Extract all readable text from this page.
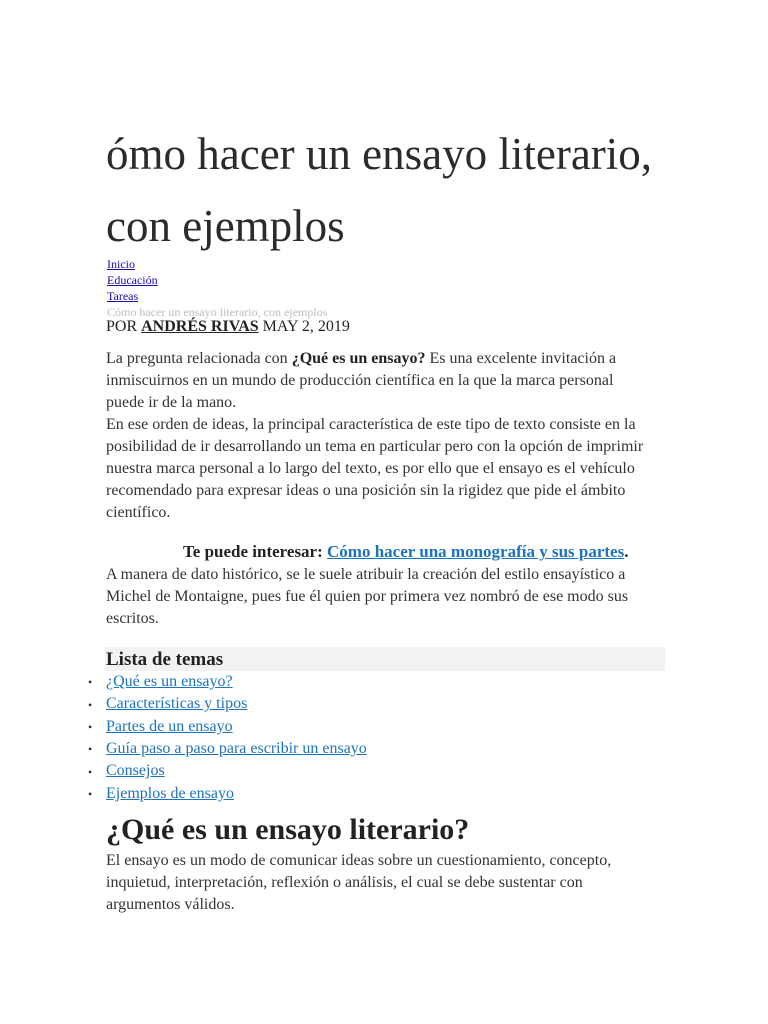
ómo hacer un ensayo literario, con ejemplos
Inicio
Educación
Tareas
Cómo hacer un ensayo literario, con ejemplos
POR ANDRÉS RIVAS MAY 2, 2019

La pregunta relacionada con ¿Qué es un ensayo? Es una excelente invitación a inmiscuirnos en un mundo de producción científica en la que la marca personal puede ir de la mano.

En ese orden de ideas, la principal característica de este tipo de texto consiste en la posibilidad de ir desarrollando un tema en particular pero con la opción de imprimir nuestra marca personal a lo largo del texto, es por ello que el ensayo es el vehículo recomendado para expresar ideas o una posición sin la rigidez que pide el ámbito científico.

Te puede interesar: Cómo hacer una monografía y sus partes.

A manera de dato histórico, se le suele atribuir la creación del estilo ensayístico a Michel de Montaigne, pues fue él quien por primera vez nombró de ese modo sus escritos.

Lista de temas
• ¿Qué es un ensayo?
• Características y tipos
• Partes de un ensayo
• Guía paso a paso para escribir un ensayo
• Consejos
• Ejemplos de ensayo
¿Qué es un ensayo literario?

El ensayo es un modo de comunicar ideas sobre un cuestionamiento, concepto, inquietud, interpretación, reflexión o análisis, el cual se debe sustentar con argumentos válidos.
